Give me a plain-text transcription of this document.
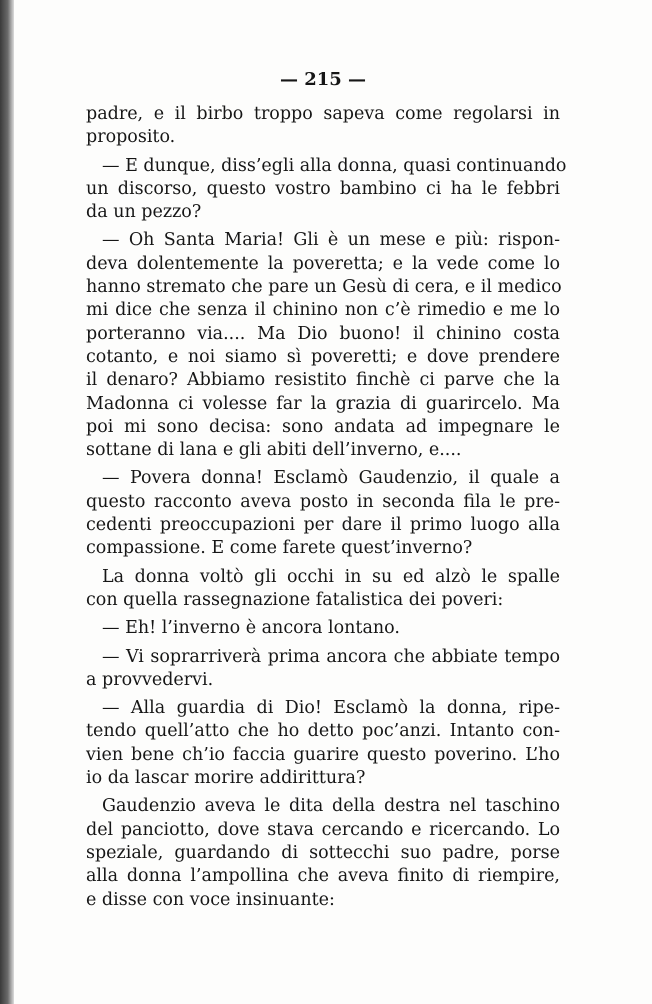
— 215 —
padre, e il birbo troppo sapeva come regolarsi in
proposito.
— E dunque, diss’egli alla donna, quasi continuando
un discorso, questo vostro bambino ci ha le febbri
da un pezzo?
— Oh Santa Maria! Gli è un mese e più: rispon-
deva dolentemente la poveretta; e la vede come lo
hanno stremato che pare un Gesù di cera, e il medico
mi dice che senza il chinino non c’è rimedio e me lo
porteranno via.... Ma Dio buono! il chinino costa
cotanto, e noi siamo sì poveretti; e dove prendere
il denaro? Abbiamo resistito finchè ci parve che la
Madonna ci volesse far la grazia di guarircelo. Ma
poi mi sono decisa: sono andata ad impegnare le
sottane di lana e gli abiti dell’inverno, e....
— Povera donna! Esclamò Gaudenzio, il quale a
questo racconto aveva posto in seconda fila le pre-
cedenti preoccupazioni per dare il primo luogo alla
compassione. E come farete quest’inverno?
La donna voltò gli occhi in su ed alzò le spalle
con quella rassegnazione fatalistica dei poveri:
— Eh! l’inverno è ancora lontano.
— Vi soprarriverà prima ancora che abbiate tempo
a provvedervi.
— Alla guardia di Dio! Esclamò la donna, ripe-
tendo quell’atto che ho detto poc’anzi. Intanto con-
vien bene ch’io faccia guarire questo poverino. L’ho
io da lascar morire addirittura?
Gaudenzio aveva le dita della destra nel taschino
del panciotto, dove stava cercando e ricercando. Lo
speziale, guardando di sottecchi suo padre, porse
alla donna l’ampollina che aveva finito di riempire,
e disse con voce insinuante:
